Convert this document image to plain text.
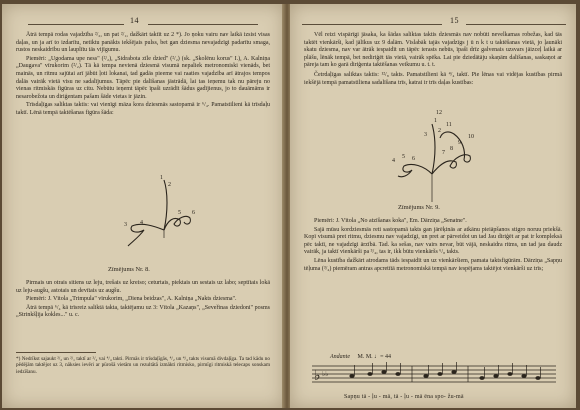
14

Ātrā tempā rodas vajadzība ²/₂, un pat ²/₁, dažkārt taktīt uz 2 *). Jo ņoku vairu nav laikā izsist visas daļas, un ja arī to izdarītu, netiktu panākts iekšējais pulss, bet gan dziesma nevajadzīgi padarītu smaga, rustos neskaidrību un lauplītu tās vijīgumu.

Piemēri: „Ugodama upe ness" (²/₂), „Sidrabota zīle dzied" (²/₂) (sk. „Skolēnu korus" I.), A. Kalniņa „Daugava" vīrukorim (²/₂). Tā kā tempa nevienā dziesmā visumā nepaliek metronomiski vienāds, bet mainās, un ritmu sajūtai arī jābūt ļoti lokanai, tad gadās pieeme vai raaties vajadzība arī ātrajos tempos dalās vairāk vietā visu ne sadalījumus. Tāpēc pie dalīšanas jāstrādā, lai tas ieņemu tak nu pāreju no vienas ritmiskās figūras uz citu. Nebūtu ieņemt tāpēc īpaši uzrādīt šādus gadījienus, jo to dauāmāms ir nesarobežota un diriģentam pašam šāde vietas ir jāzin.

Trīsdaļīgas saliktas taktis: vai vienīgi māza kora dziesmās sastopamā ir ⁶/₄. Pamatstilieni kā trīsdaļu taktī. Lēnā tempā taktēšanas figūra šāda:

1
2
3 4
5 6
Zīmējums Nr. 8.

Pirmais un otrais sitiens uz leju, trešais uz kreiso; ceturtais, piektais un sestais uz labo; septītais lokā uz leju-augšu, astotais un devītais uz augšu.

Piemēri: J. Vītola „Trimpula" vīrukorim, „Diena beidzas", A. Kalniņa „Nakts dziesma".

Ātrā tempā ⁶/₄ kā trīsreiz saliktā takta, taktējamu uz 3: Vītola „Kazaņs", „Seveřinas dziedoni" posms „Strinkšļija kokles..." u. c.

*) Nedrīkst sajaukt ²/₂ un ²/₁ taktī ar ²/₄ vai ⁴/₄ takti. Pirmās ir trīsdaļīgās, ⁴/₂ un ⁴/₄ takts visumā divdaļīga. Ta tad kādu no pēdējām taktējot uz 3, nāksies ievēri ar pūrošā vietām un rezultātā izmākti ritmisko, pirmīgi ritmiskā telecaps sonskam iedzīšanu.
15

Vēl reizi vispārīgi jāsaka, ka šādas saliktas taktis dziesmās nav nobūti nevelkamas robežas, kad tās taktēt vienkārši, kad jālīkus uz 9 dalām. Vislabāk tajās vajadzīgs j ū n k t u taktēšanas vietā, jo ļaunāki skatu dziesma, nav var ātrāk iespaidīt un tāpēc ierasts nebūs, īpaši drīz galvenais uzsvars jāizceļ laikā ar plāšu, lēnāk tempā, bet nediriģēt tās vietā, vairāk spēka. Lai pie dziedātāju skaņām dalīšanas, saskaņot ar pāreja tam ko garā diriģenta taktēšanas veikumu u. t. t.

Četrdaļīgas saliktas taktis: ¹²/₈ takts. Pamatstilieni kā ⁴/₄ taktī. Pie lēnas vai vidējas kustības pirmā iekšējā tempā pamatstiliena sadalīšana trīs, katrai ir trīs daļas kustības:

1
2
3
4
5 6
7
8
9
10
11
12
Zīmējums Nr. 9.

Piemēri: J. Vītola „No atzīšanas koka", Em. Dārziņa „Senatne".

Sajā mūsu kordziesmās reti sastopamā takts gan jārēķinās ar atkānu pieiāpšanos stigro noruu priekšā. Kopī visumā pret ritmu, dziesmu nav vajadzīgi, un pret ar pārveidot un tad Jau diriģēt ar pat ir kompleksā pēc taktī, ne vajadzīgi ārzībā. Tad. ka sešas, nav vairs nevar, būt vājā, neskaidra ritms, un tad jau daudz vairāk, ja taktī vienkārši pa ³/₄, tas ir, ikk būtu vienkāršs ⁶/₈ takts.

Lēna kustība dažkārt atrodams tāds iespaidīt un uz vienkāršiem, pamata taktsfigūrām. Dārziņa „Sapņu tēļuma (³/₄) piemēram antras apcretītā metronomiskā tempā nav iespējams taktējot vienkārši uz trīs;

Andante M. M. ♩= 44
♭ ♭♭
Sapņu tā - ļu - mā, tā - ļu - mā ēna spo- žu-mā
